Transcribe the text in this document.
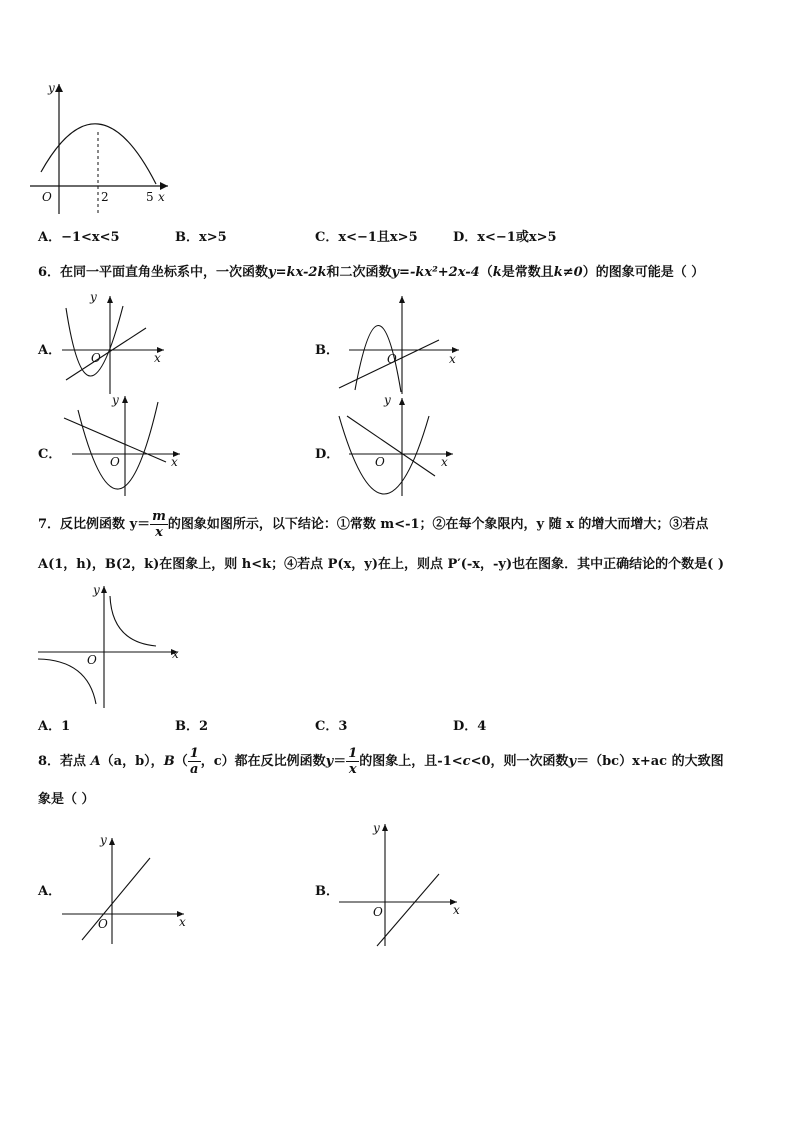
y
O	2	5 x
A．−1<x<5	B．x>5	C．x<−1且x>5	D．x<−1或x>5
6．在同一平面直角坐标系中，一次函数y=kx-2k和二次函数y=-kx²+2x-4（k是常数且k≠0）的图象可能是（ ）
A．
y
O	x	B．
O	x
C．
y
O	x	D．
y
O	x
7．反比例函数 $y= \frac{m}{x}$ 的图象如图所示，以下结论：①常数 m<-1；②在每个象限内，y 随 x 的增大而增大；③若点
A(1，h)，B(2，k)在图象上，则 h<k；④若点 P(x，y)在上，则点 P′(-x，-y)也在图象．其中正确结论的个数是( )
y
O	x
A．1	B．2	C．3	D．4
8．若点 A（a，b），$B( \frac{1}{a}$ ，c）都在反比例函数$y= \frac{1}{x}$ 的图象上，且-1<c<0，则一次函数y＝（bc）x+ac 的大致图
象是（ ）
A．
y
O	x
B．
y
O	x
